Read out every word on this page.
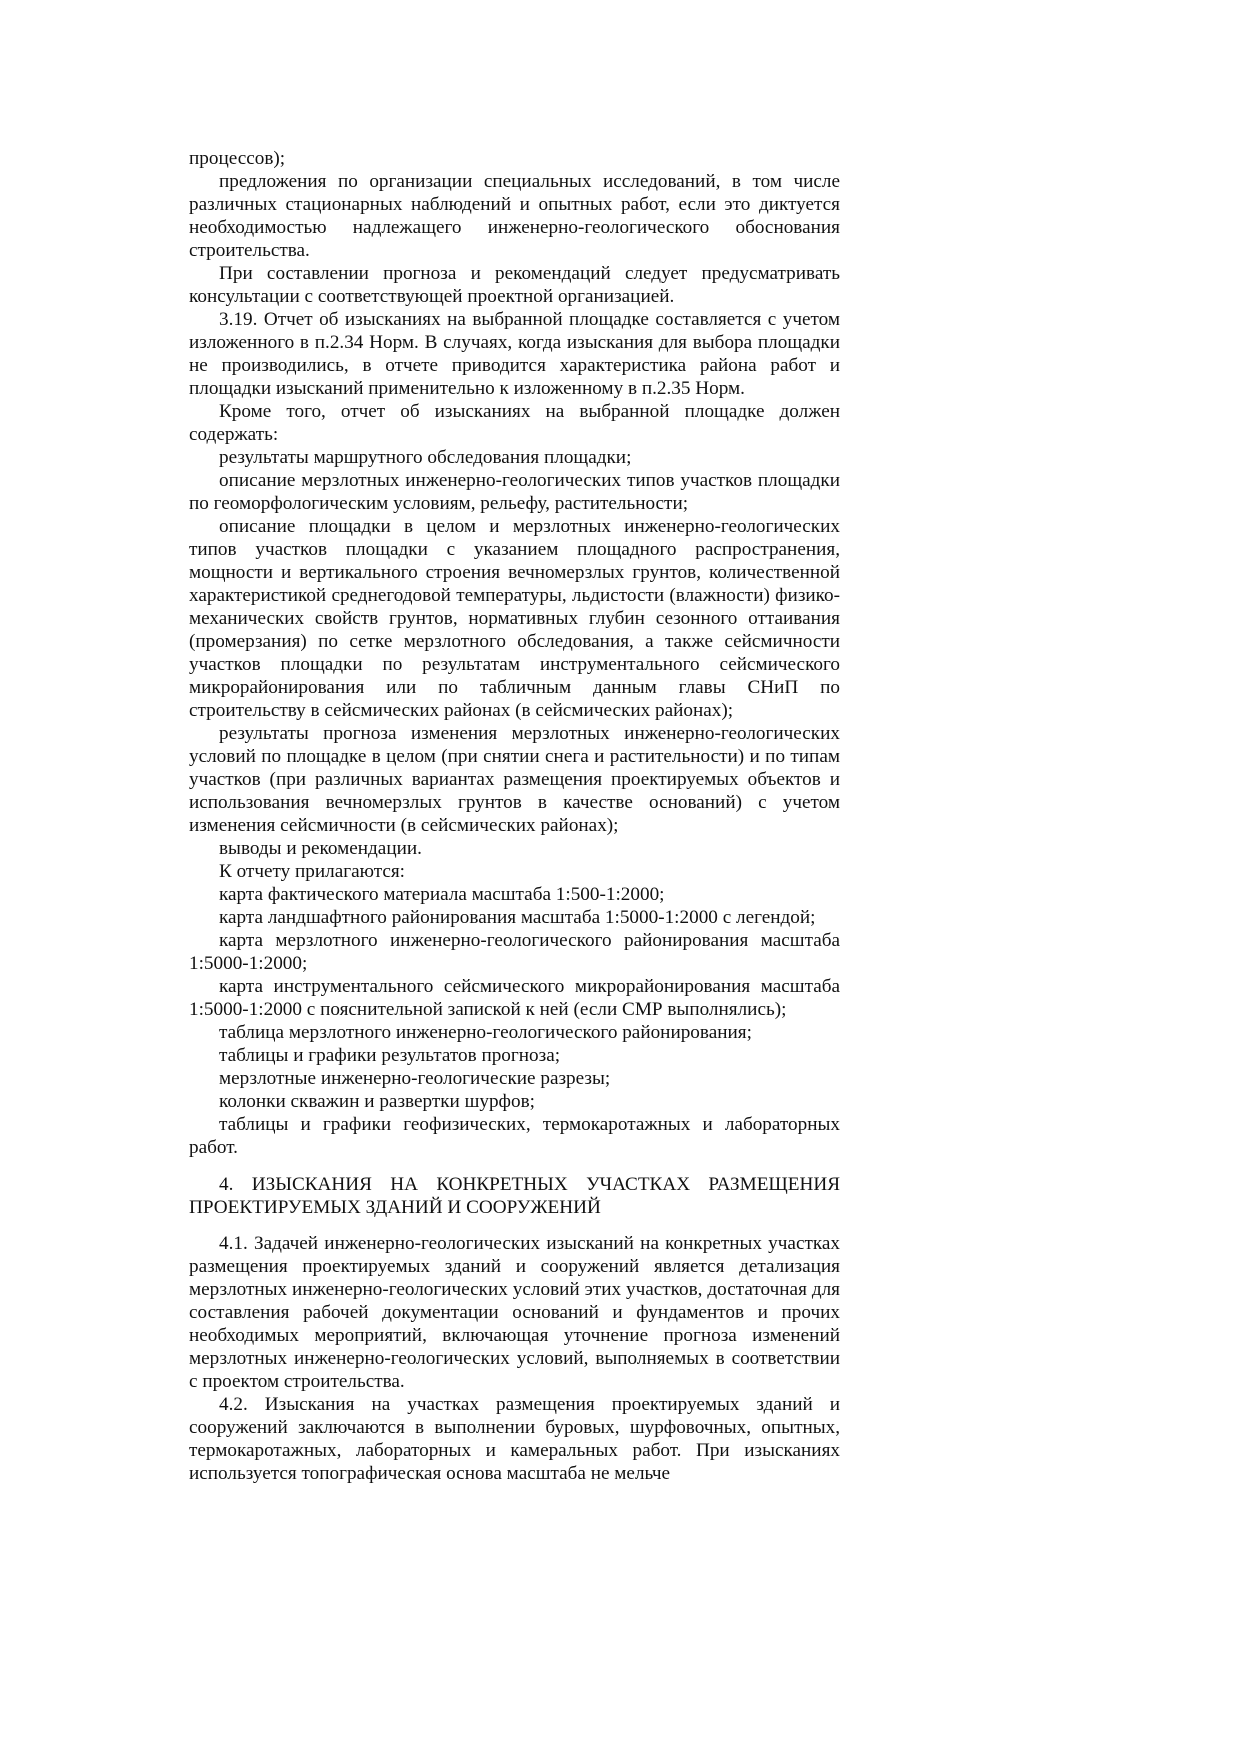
процессов);

предложения по организации специальных исследований, в том числе различных стационарных наблюдений и опытных работ, если это диктуется необходимостью надлежащего инженерно-геологического обоснования строительства.

При составлении прогноза и рекомендаций следует предусматривать консультации с соответствующей проектной организацией.

3.19. Отчет об изысканиях на выбранной площадке составляется с учетом изложенного в п.2.34 Норм. В случаях, когда изыскания для выбора площадки не производились, в отчете приводится характеристика района работ и площадки изысканий применительно к изложенному в п.2.35 Норм.

Кроме того, отчет об изысканиях на выбранной площадке должен содержать:

результаты маршрутного обследования площадки;

описание мерзлотных инженерно-геологических типов участков площадки по геоморфологическим условиям, рельефу, растительности;

описание площадки в целом и мерзлотных инженерно-геологических типов участков площадки с указанием площадного распространения, мощности и вертикального строения вечномерзлых грунтов, количественной характеристикой среднегодовой температуры, льдистости (влажности) физико-механических свойств грунтов, нормативных глубин сезонного оттаивания (промерзания) по сетке мерзлотного обследования, а также сейсмичности участков площадки по результатам инструментального сейсмического микрорайонирования или по табличным данным главы СНиП по строительству в сейсмических районах (в сейсмических районах);

результаты прогноза изменения мерзлотных инженерно-геологических условий по площадке в целом (при снятии снега и растительности) и по типам участков (при различных вариантах размещения проектируемых объектов и использования вечномерзлых грунтов в качестве оснований) с учетом изменения сейсмичности (в сейсмических районах);

выводы и рекомендации.

К отчету прилагаются:

карта фактического материала масштаба 1:500-1:2000;

карта ландшафтного районирования масштаба 1:5000-1:2000 с легендой;

карта мерзлотного инженерно-геологического районирования масштаба 1:5000-1:2000;

карта инструментального сейсмического микрорайонирования масштаба 1:5000-1:2000 с пояснительной запиской к ней (если СМР выполнялись);

таблица мерзлотного инженерно-геологического районирования;

таблицы и графики результатов прогноза;

мерзлотные инженерно-геологические разрезы;

колонки скважин и развертки шурфов;

таблицы и графики геофизических, термокаротажных и лабораторных работ.

4. ИЗЫСКАНИЯ НА КОНКРЕТНЫХ УЧАСТКАХ РАЗМЕЩЕНИЯ ПРОЕКТИРУЕМЫХ ЗДАНИЙ И СООРУЖЕНИЙ

4.1. Задачей инженерно-геологических изысканий на конкретных участках размещения проектируемых зданий и сооружений является детализация мерзлотных инженерно-геологических условий этих участков, достаточная для составления рабочей документации оснований и фундаментов и прочих необходимых мероприятий, включающая уточнение прогноза изменений мерзлотных инженерно-геологических условий, выполняемых в соответствии с проектом строительства.

4.2. Изыскания на участках размещения проектируемых зданий и сооружений заключаются в выполнении буровых, шурфовочных, опытных, термокаротажных, лабораторных и камеральных работ. При изысканиях используется топографическая основа масштаба не мельче
